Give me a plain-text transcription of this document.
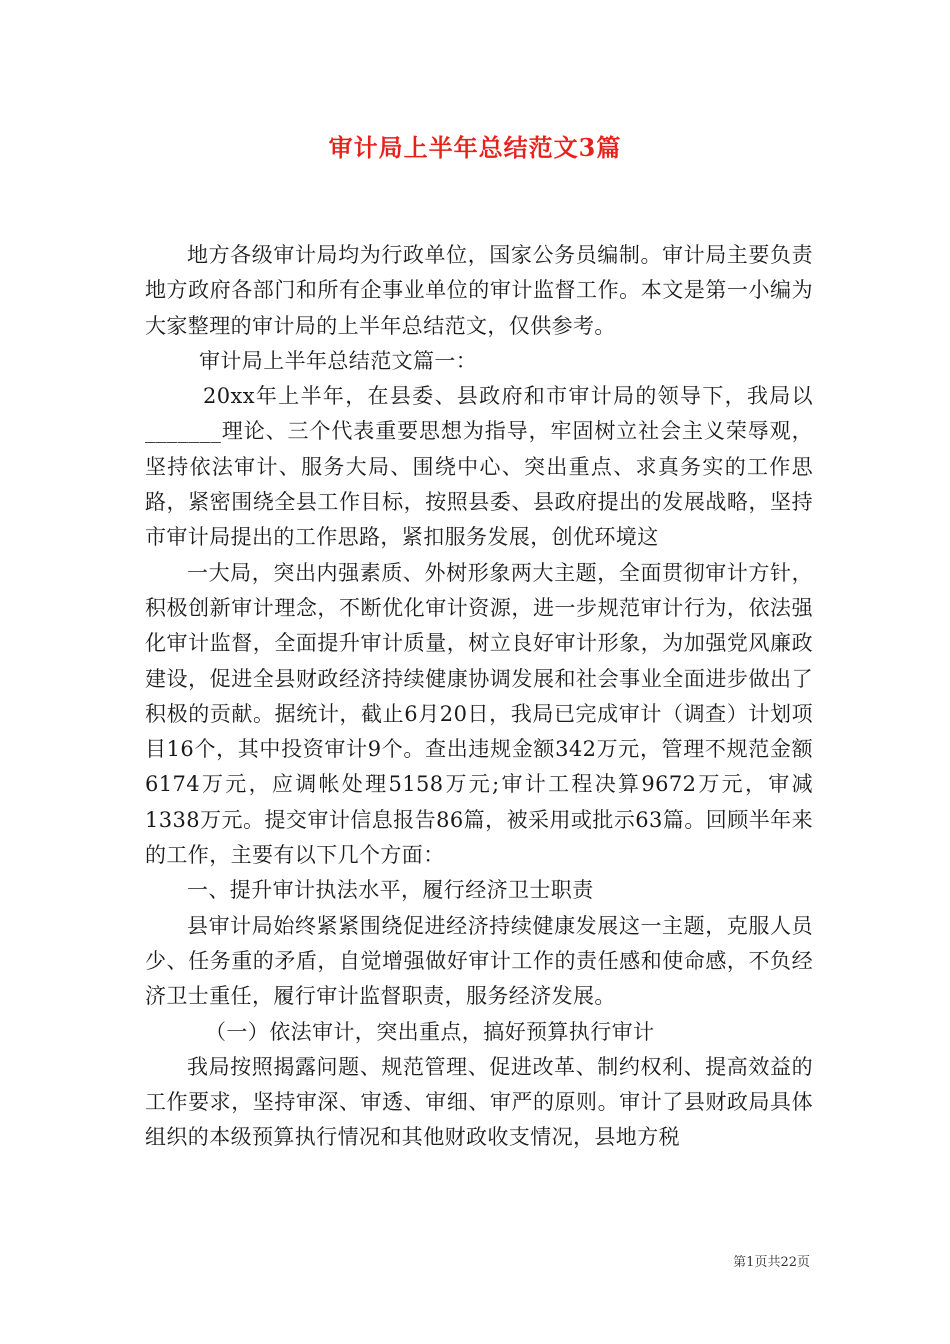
审计局上半年总结范文3篇

地方各级审计局均为行政单位，国家公务员编制。审计局主要负责地方政府各部门和所有企事业单位的审计监督工作。本文是第一小编为大家整理的审计局的上半年总结范文，仅供参考。

审计局上半年总结范文篇一：

20xx年上半年，在县委、县政府和市审计局的领导下，我局以_______理论、三个代表重要思想为指导，牢固树立社会主义荣辱观，坚持依法审计、服务大局、围绕中心、突出重点、求真务实的工作思路，紧密围绕全县工作目标，按照县委、县政府提出的发展战略，坚持市审计局提出的工作思路，紧扣服务发展，创优环境这

一大局，突出内强素质、外树形象两大主题，全面贯彻审计方针，积极创新审计理念，不断优化审计资源，进一步规范审计行为，依法强化审计监督，全面提升审计质量，树立良好审计形象，为加强党风廉政建设，促进全县财政经济持续健康协调发展和社会事业全面进步做出了积极的贡献。据统计，截止6月20日，我局已完成审计（调查）计划项目16个，其中投资审计9个。查出违规金额342万元，管理不规范金额6174万元，应调帐处理5158万元;审计工程决算9672万元，审减1338万元。提交审计信息报告86篇，被采用或批示63篇。回顾半年来的工作，主要有以下几个方面：

一、提升审计执法水平，履行经济卫士职责

县审计局始终紧紧围绕促进经济持续健康发展这一主题，克服人员少、任务重的矛盾，自觉增强做好审计工作的责任感和使命感，不负经济卫士重任，履行审计监督职责，服务经济发展。

（一）依法审计，突出重点，搞好预算执行审计

我局按照揭露问题、规范管理、促进改革、制约权利、提高效益的工作要求，坚持审深、审透、审细、审严的原则。审计了县财政局具体组织的本级预算执行情况和其他财政收支情况，县地方税

第1页共22页
